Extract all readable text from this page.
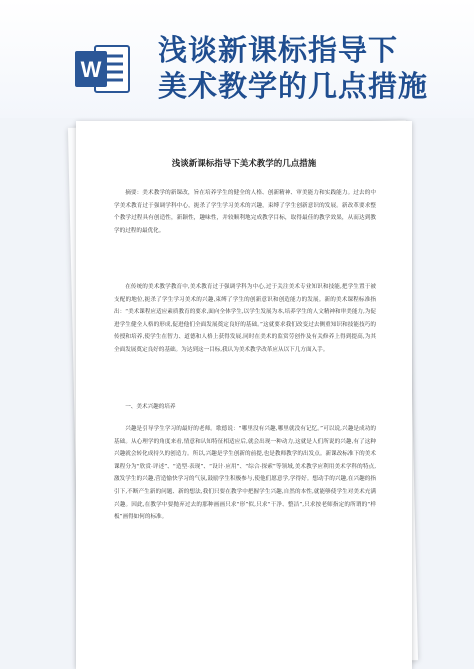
W
浅谈新课标指导下
美术教学的几点措施
浅谈新课标指导下美术教学的几点措施

摘要：美术教学的新课改，旨在培养学生的健全的人格、创新精神、审美能力和实践能力。过去的中学美术教育过于强调学科中心，扼杀了学生学习美术的兴趣，束缚了学生创新意识的发展。新改革要求整个教学过程具有创造性，新颖性，趣味性，并较顺利地完成教学目标，取得最佳的教学效果，从而达到教学的过程的最优化。

在传统的美术教学教育中,美术教育过于强调学科为中心,过于关注美术专业知识和技能,把学生置于被支配的地位,扼杀了学生学习美术的兴趣,束缚了学生的创新意识和创造能力的发展。新的美术课程标准指出：“美术课程应适应素质教育的要求,面向全体学生,以学生发展为本,培养学生的人文精神和审美能力,为促进学生健全人格的形成,促进他们全面发展奠定良好的基础。”这就要求我们改变过去侧重知识和技能技巧的传授和培养,使学生在智力、道德和人格上获得发展,同时在美术的监赏劳创作及有关修养上得到提高,为其全面发展奠定良好的基础。为达到这一目标,我认为美术教学改革应从以下几方面入手。

一、美术兴趣的培养

兴趣是引导学生学习的最好的老师。歌德说：“哪里没有兴趣,哪里就没有记忆。”可以说,兴趣是成功的基础。从心理学的角度来看,情意和认知特征相适应后,就会出现一种动力,这就是人们所说的兴趣,有了这种兴趣就会转化成持久的创造力。所以,兴趣是学生创新的前提,也是教师教学的出发点。新课改标准下的美术课程分为“欣赏·评述”、“造型·表现”、“设计·应用”、“综合·探索”等领域,美术教学应利用美术学科的特点,激发学生的兴趣,营造愉快学习的气氛,鼓励学生积极参与,使他们愿意学,学得好。想动手的兴趣,在兴趣的指引下,不断产生新的问题、新的想法,我们只要在教学中把握学生兴趣,自然的本性,就能够使学生对美术充满兴趣。因此,在教学中要抛弃过去的那种画画只求“形”似,只求“干净、整洁”,只求按老师指定的所谓的“样板”画得如何的标准。
